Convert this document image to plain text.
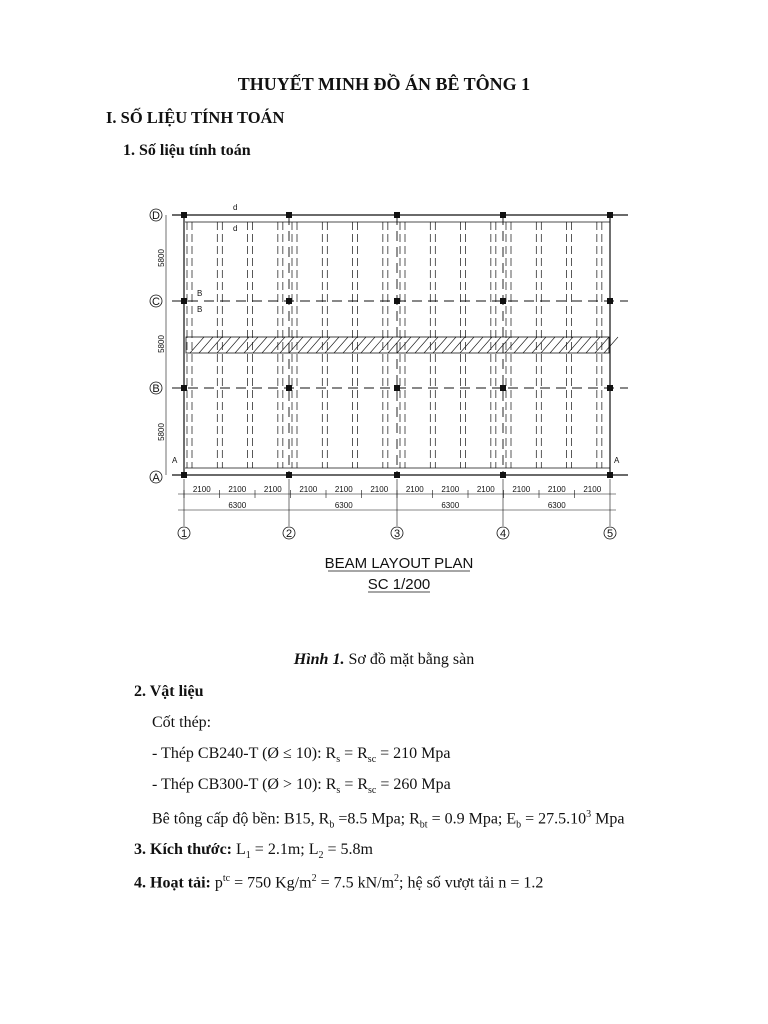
THUYẾT MINH ĐỒ ÁN BÊ TÔNG 1
I. SỐ LIỆU TÍNH TOÁN
1. Số liệu tính toán
D
C
B
A
5800
5800
5800
d
d
B
B
A	A
2100 2100 2100 2100 2100 2100 2100 2100 2100 2100 2100 2100
6300	6300	6300	6300
1	2	3	4	5
BEAM LAYOUT PLAN
SC 1/200
Hình 1. Sơ đồ mặt bằng sàn
2. Vật liệu
Cốt thép:
- Thép CB240-T (Ø ≤ 10): $R_s = R_{sc} = 210$ Mpa
- Thép CB300-T (Ø > 10): $R_s = R_{sc} = 260$ Mpa
Bê tông cấp độ bền: B15, $R_b =8.5$ Mpa; $R_{bt} = 0.9$ Mpa; $E_b = 27.5.10^3$ Mpa
3. Kích thước: $L_1 = 2.1m$; $L_2 = 5.8m$
4. Hoạt tải: $p^{tc} = 750$ $Kg/m^2 = 7.5$ $kN/m^2$; hệ số vượt tải n = 1.2
